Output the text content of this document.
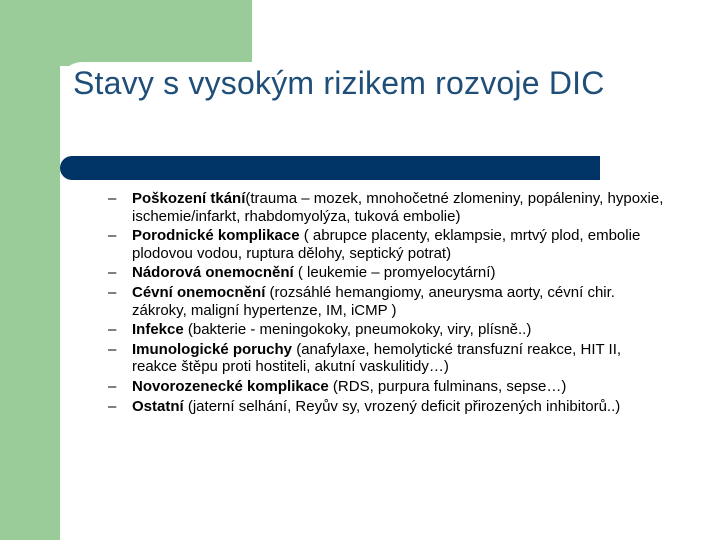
Stavy s vysokým rizikem rozvoje DIC
– Poškození tkání(trauma – mozek, mnohočetné zlomeniny, popáleniny, hypoxie, ischemie/infarkt, rhabdomyolýza, tuková embolie)
– Porodnické komplikace ( abrupce placenty, eklampsie, mrtvý plod, embolie plodovou vodou, ruptura dělohy, septický potrat)
– Nádorová onemocnění ( leukemie – promyelocytární)
– Cévní onemocnění (rozsáhlé hemangiomy, aneurysma aorty, cévní chir. zákroky, maligní hypertenze, IM, iCMP )
– Infekce (bakterie - meningokoky, pneumokoky, viry, plísně..)
– Imunologické poruchy (anafylaxe, hemolytické transfuzní reakce, HIT II, reakce štěpu proti hostiteli, akutní vaskulitidy…)
– Novorozenecké komplikace (RDS, purpura fulminans, sepse…)
– Ostatní (jaterní selhání, Reyův sy, vrozený deficit přirozených inhibitorů..)
